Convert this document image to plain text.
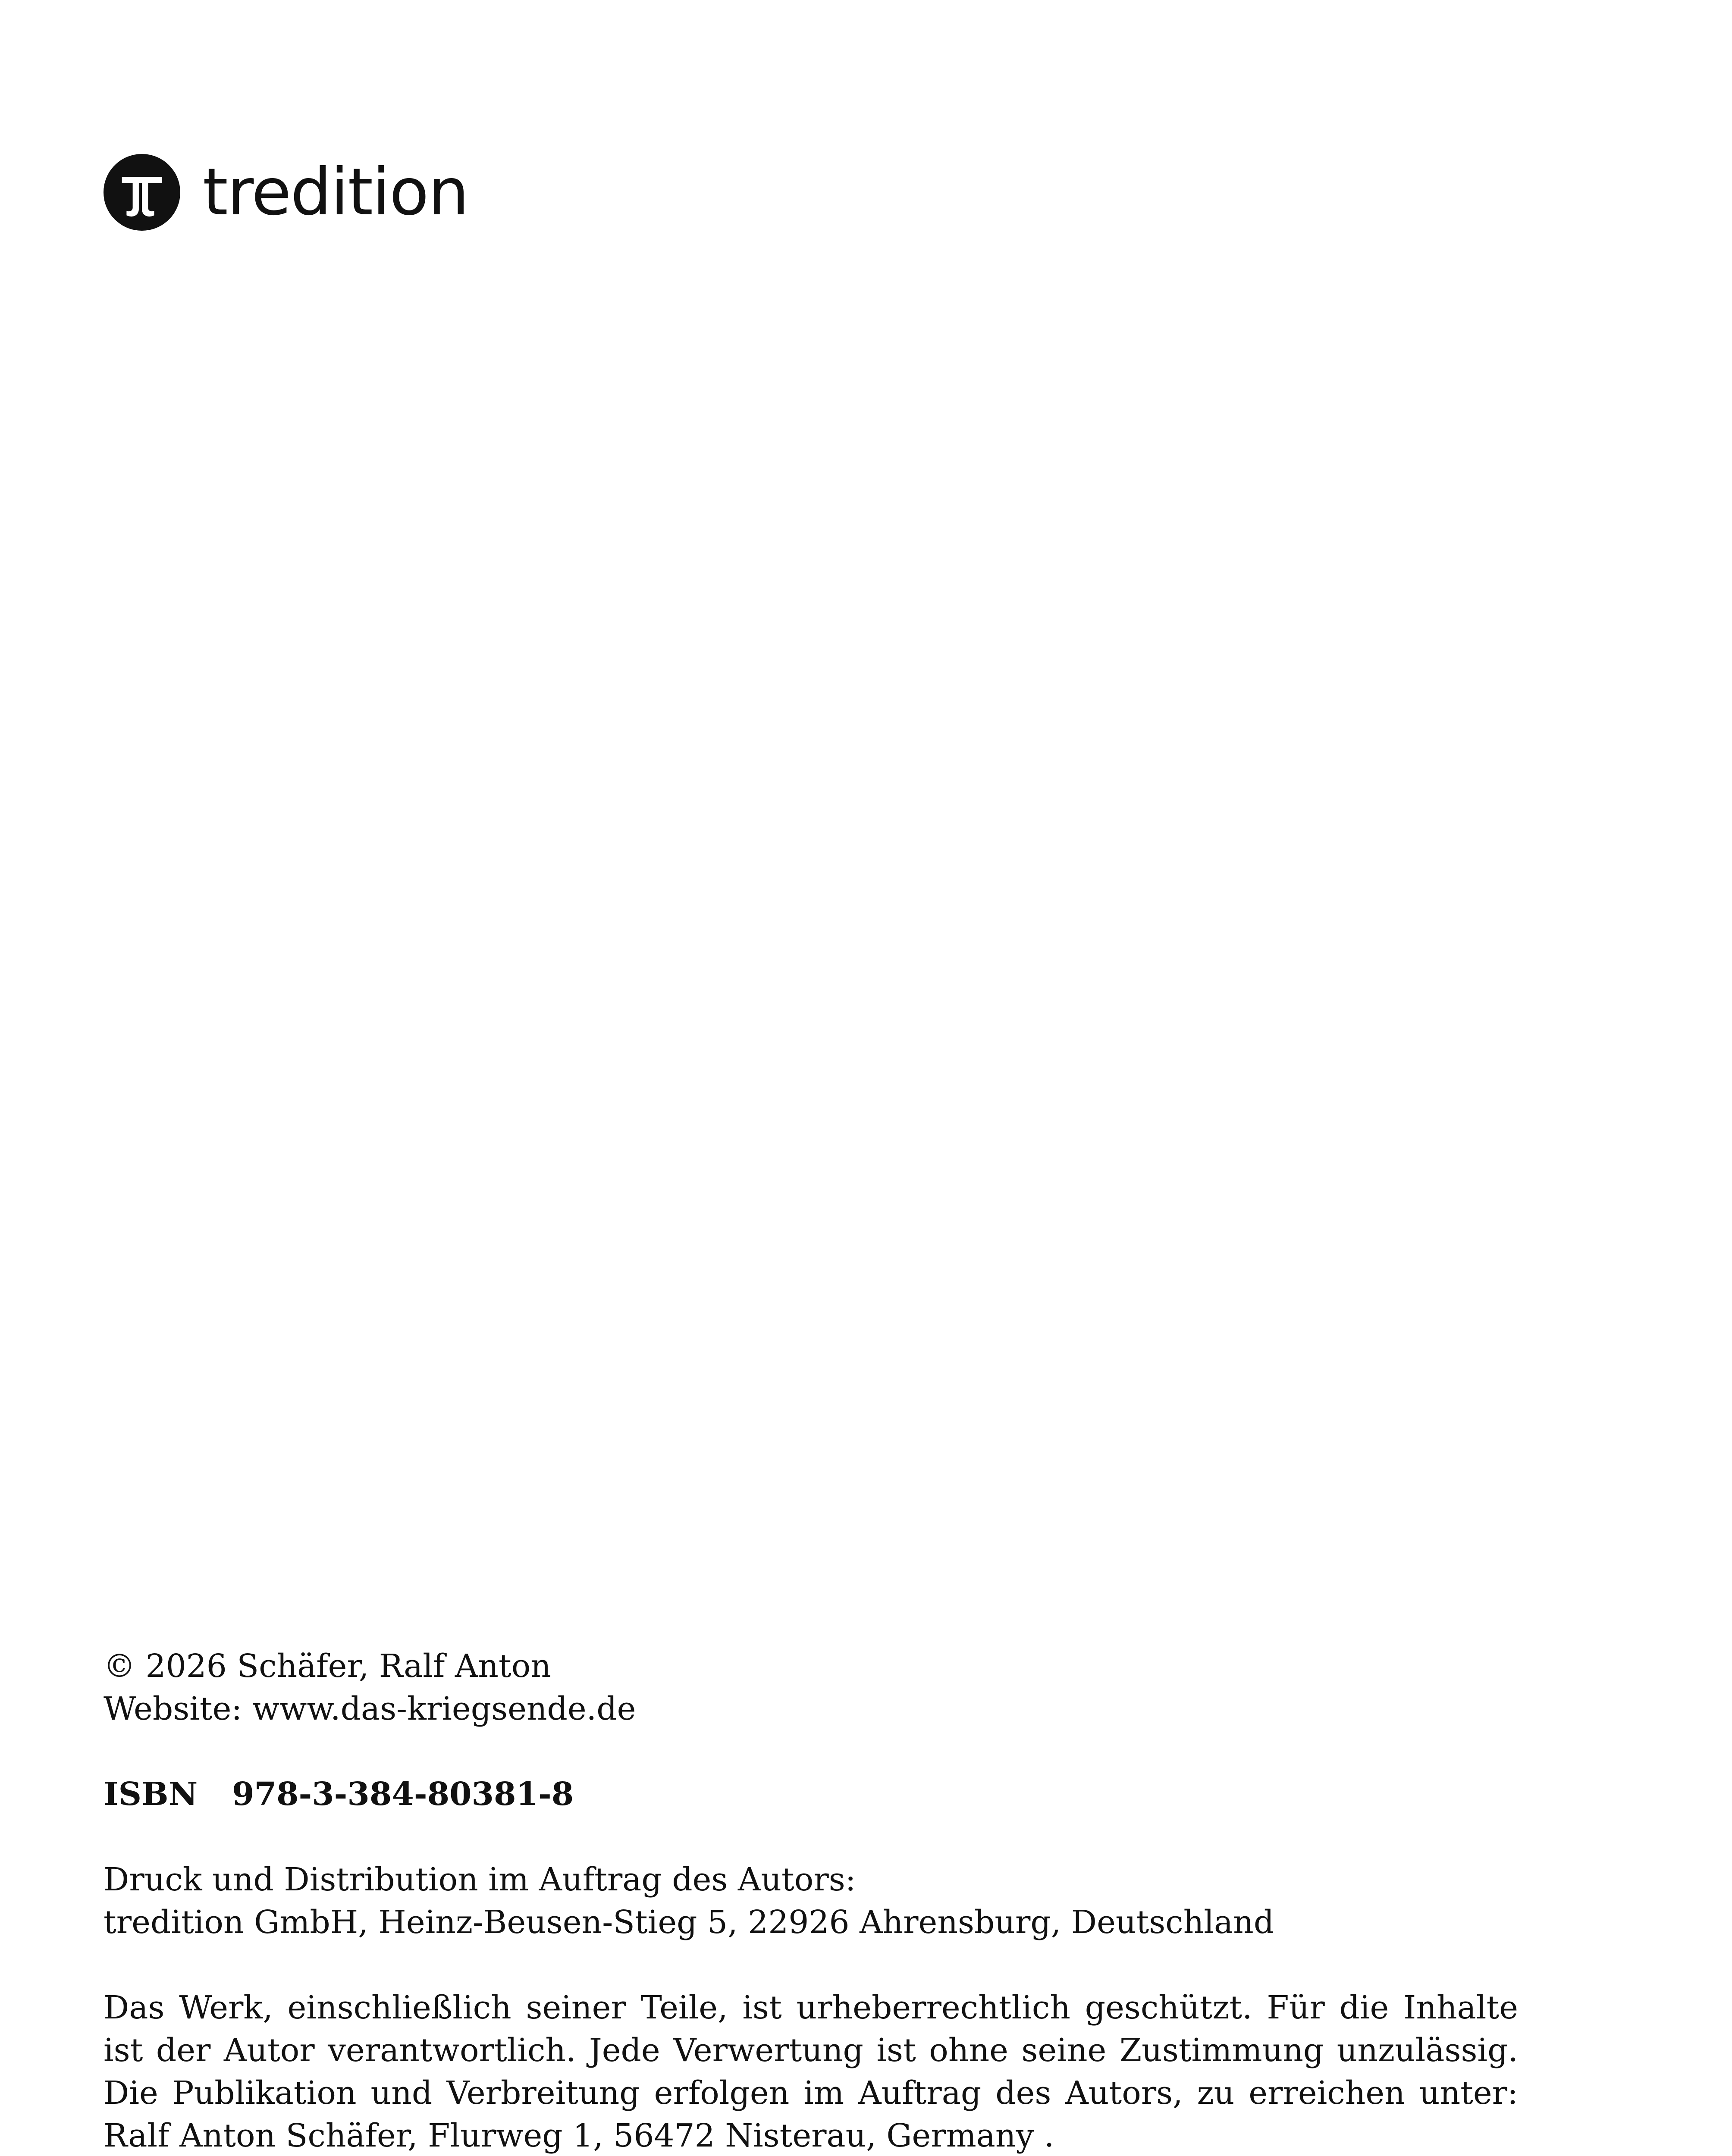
tredition

© 2026 Schäfer, Ralf Anton

Website: www.das-kriegsende.de

ISBN 978-3-384-80381-8

Druck und Distribution im Auftrag des Autors:

tredition GmbH, Heinz-Beusen-Stieg 5, 22926 Ahrensburg, Deutschland

Das Werk, einschließlich seiner Teile, ist urheberrechtlich geschützt. Für die Inhalte ist der Autor verantwortlich. Jede Verwertung ist ohne seine Zustimmung unzulässig. Die Publikation und Verbreitung erfolgen im Auftrag des Autors, zu erreichen unter: Ralf Anton Schäfer, Flurweg 1, 56472 Nisterau, Germany .
